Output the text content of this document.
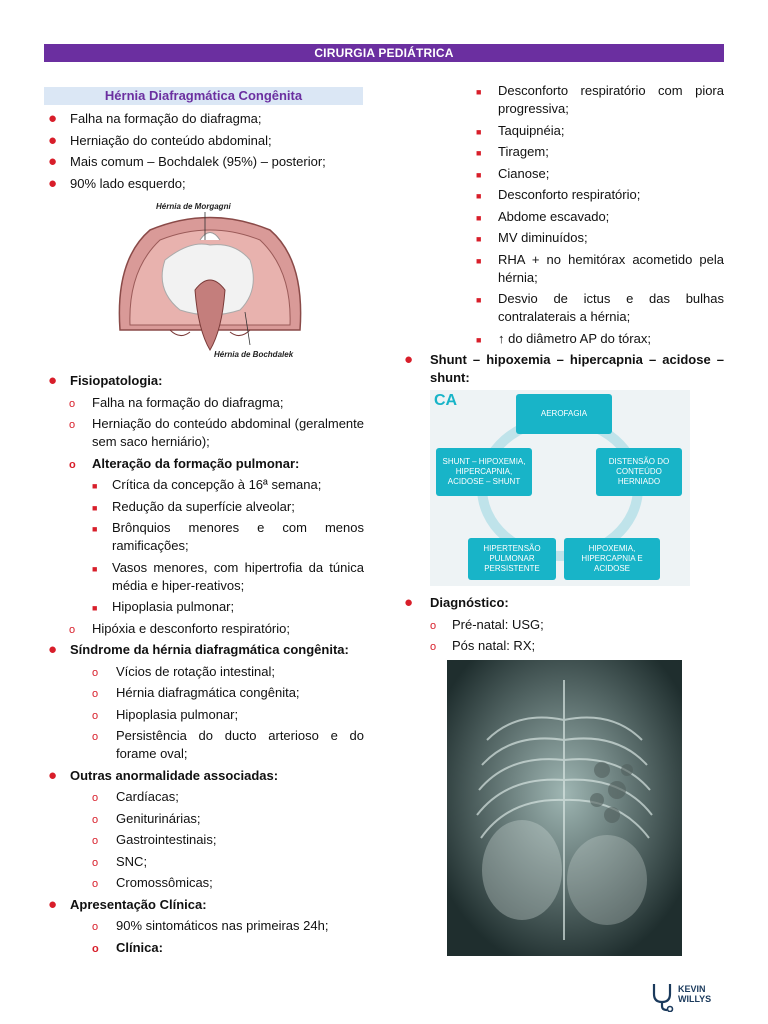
CIRURGIA PEDIÁTRICA
Hérnia Diafragmática Congênita
● Falha na formação do diafragma;
● Herniação do conteúdo abdominal;
● Mais comum – Bochdalek (95%) – posterior;
● 90% lado esquerdo;
● Fisiopatologia:
o Falha na formação do diafragma;
o Herniação do conteúdo abdominal (geralmente sem saco herniário);
o Alteração da formação pulmonar:
■ Crítica da concepção à 16ª semana;
■ Redução da superfície alveolar;
■ Brônquios menores e com menos ramificações;
■ Vasos menores, com hipertrofia da túnica média e hiper-reativos;
■ Hipoplasia pulmonar;
o Hipóxia e desconforto respiratório;
● Síndrome da hérnia diafragmática congênita:
o Vícios de rotação intestinal;
o Hérnia diafragmática congênita;
o Hipoplasia pulmonar;
o Persistência do ducto arterioso e do forame oval;
● Outras anormalidade associadas:
o Cardíacas;
o Geniturinárias;
o Gastrointestinais;
o SNC;
o Cromossômicas;
● Apresentação Clínica:
o 90% sintomáticos nas primeiras 24h;
o Clínica:
Hérnia de Morgagni
Hérnia de Bochdalek
■ Desconforto respiratório com piora progressiva;
■ Taquipnéia;
■ Tiragem;
■ Cianose;
■ Desconforto respiratório;
■ Abdome escavado;
■ MV diminuídos;
■ RHA + no hemitórax acometido pela hérnia;
■ Desvio de ictus e das bulhas contralaterais a hérnia;
■ ↑ do diâmetro AP do tórax;
● Shunt – hipoxemia – hipercapnia – acidose – shunt:
CA
AEROFAGIA
DISTENSÃO DO CONTEÚDO HERNIADO
HIPOXEMIA, HIPERCAPNIA E ACIDOSE
HIPERTENSÃO PULMONAR PERSISTENTE
SHUNT – HIPOXEMIA, HIPERCAPNIA, ACIDOSE – SHUNT
● Diagnóstico:
o Pré-natal: USG;
o Pós natal: RX;
KEVIN
WILLYS
